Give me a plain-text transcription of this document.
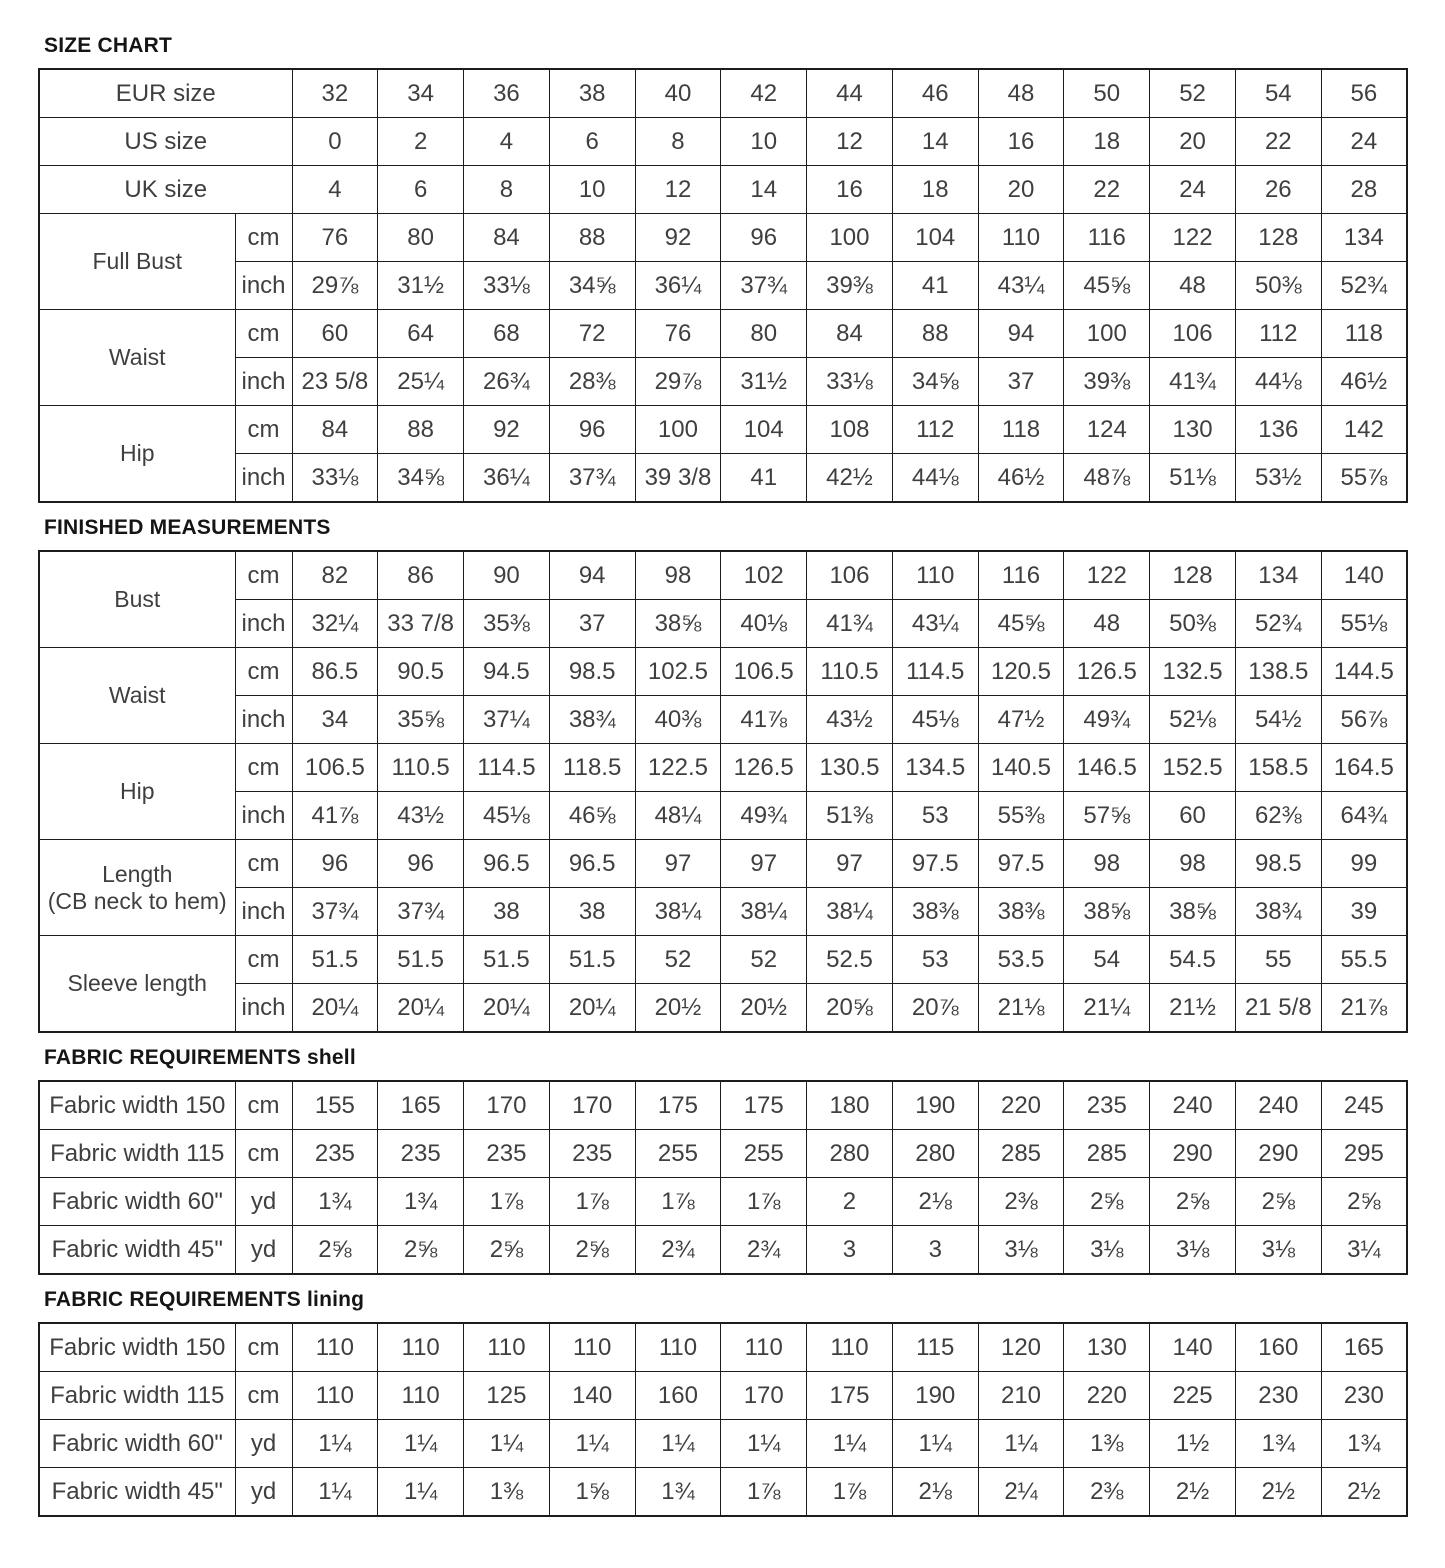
SIZE CHART
EUR size		32	34	36	38	40	42	44	46	48	50	52	54	56
US size		0	2	4	6	8	10	12	14	16	18	20	22	24
UK size		4	6	8	10	12	14	16	18	20	22	24	26	28

Full Bust	cm	76	80	84	88	92	96	100	104	110	116	122	128	134
	inch	29⅞	31½	33⅛	34⅝	36¼	37¾	39⅜	41	43¼	45⅝	48	50⅜	52¾

Waist	cm	60	64	68	72	76	80	84	88	94	100	106	112	118
	inch	23 5/8	25¼	26¾	28⅜	29⅞	31½	33⅛	34⅝	37	39⅜	41¾	44⅛	46½

Hip	cm	84	88	92	96	100	104	108	112	118	124	130	136	142
	inch	33⅛	34⅝	36¼	37¾	39 3/8	41	42½	44⅛	46½	48⅞	51⅛	53½	55⅞
FINISHED MEASUREMENTS
Bust	cm	82	86	90	94	98	102	106	110	116	122	128	134	140
	inch	32¼	33 7/8	35⅜	37	38⅝	40⅛	41¾	43¼	45⅝	48	50⅜	52¾	55⅛

Waist	cm	86.5	90.5	94.5	98.5	102.5	106.5	110.5	114.5	120.5	126.5	132.5	138.5	144.5
	inch	34	35⅝	37¼	38¾	40⅜	41⅞	43½	45⅛	47½	49¾	52⅛	54½	56⅞

Hip	cm	106.5	110.5	114.5	118.5	122.5	126.5	130.5	134.5	140.5	146.5	152.5	158.5	164.5
	inch	41⅞	43½	45⅛	46⅝	48¼	49¾	51⅜	53	55⅜	57⅝	60	62⅜	64¾

Length
(CB neck to hem)	cm	96	96	96.5	96.5	97	97	97	97.5	97.5	98	98	98.5	99
	inch	37¾	37¾	38	38	38¼	38¼	38¼	38⅜	38⅜	38⅝	38⅝	38¾	39

Sleeve length	cm	51.5	51.5	51.5	51.5	52	52	52.5	53	53.5	54	54.5	55	55.5
	inch	20¼	20¼	20¼	20¼	20½	20½	20⅝	20⅞	21⅛	21¼	21½	21 5/8	21⅞
FABRIC REQUIREMENTS shell
Fabric width 150	cm	155	165	170	170	175	175	180	190	220	235	240	240	245
Fabric width 115	cm	235	235	235	235	255	255	280	280	285	285	290	290	295
Fabric width 60"	yd	1¾	1¾	1⅞	1⅞	1⅞	1⅞	2	2⅛	2⅜	2⅝	2⅝	2⅝	2⅝
Fabric width 45"	yd	2⅝	2⅝	2⅝	2⅝	2¾	2¾	3	3	3⅛	3⅛	3⅛	3⅛	3¼
FABRIC REQUIREMENTS lining
Fabric width 150	cm	110	110	110	110	110	110	110	115	120	130	140	160	165
Fabric width 115	cm	110	110	125	140	160	170	175	190	210	220	225	230	230
Fabric width 60"	yd	1¼	1¼	1¼	1¼	1¼	1¼	1¼	1¼	1¼	1⅜	1½	1¾	1¾
Fabric width 45"	yd	1¼	1¼	1⅜	1⅝	1¾	1⅞	1⅞	2⅛	2¼	2⅜	2½	2½	2½
